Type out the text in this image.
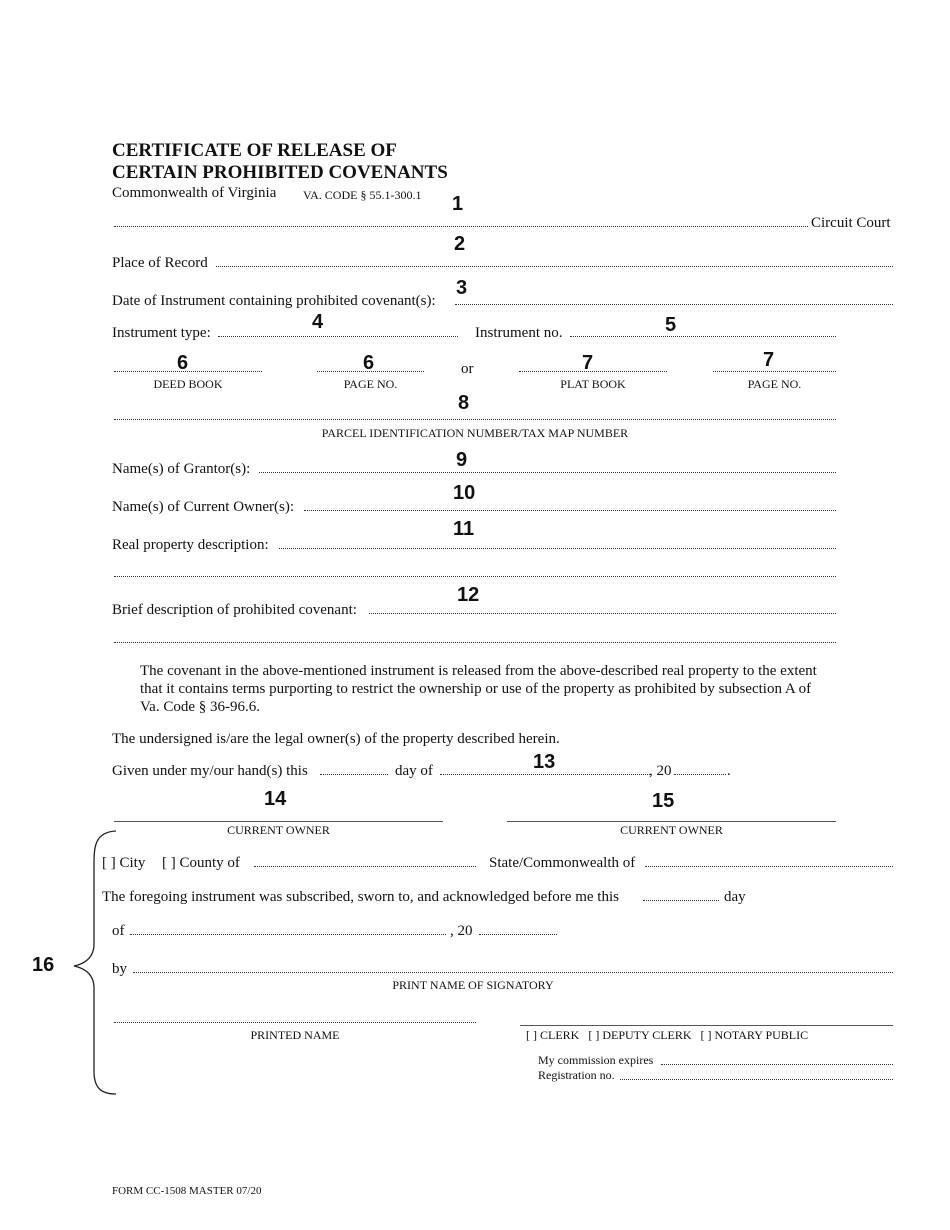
CERTIFICATE OF RELEASE OF
CERTAIN PROHIBITED COVENANTS
Commonwealth of Virginia VA. CODE § 55.1-300.1 1
Circuit Court
2
Place of Record
3
Date of Instrument containing prohibited covenant(s):
4	5
Instrument type:	Instrument no.
6	6	7	7
or
DEED BOOK	PAGE NO.	PLAT BOOK	PAGE NO.
8
PARCEL IDENTIFICATION NUMBER/TAX MAP NUMBER
9
Name(s) of Grantor(s):
10
Name(s) of Current Owner(s):
11
Real property description:
12
Brief description of prohibited covenant:
The covenant in the above-mentioned instrument is released from the above-described real property to the extent that it contains terms purporting to restrict the ownership or use of the property as prohibited by subsection A of Va. Code § 36-96.6.
The undersigned is/are the legal owner(s) of the property described herein.
13
Given under my/our hand(s) this	day of	, 20	.
14	15
CURRENT OWNER	CURRENT OWNER
16
[ ] City [ ] County of	State/Commonwealth of
The foregoing instrument was subscribed, sworn to, and acknowledged before me this	day
of	, 20
by
PRINT NAME OF SIGNATORY
PRINTED NAME	[ ] CLERK   [ ] DEPUTY CLERK   [ ] NOTARY PUBLIC
My commission expires
Registration no.
FORM CC-1508 MASTER 07/20
